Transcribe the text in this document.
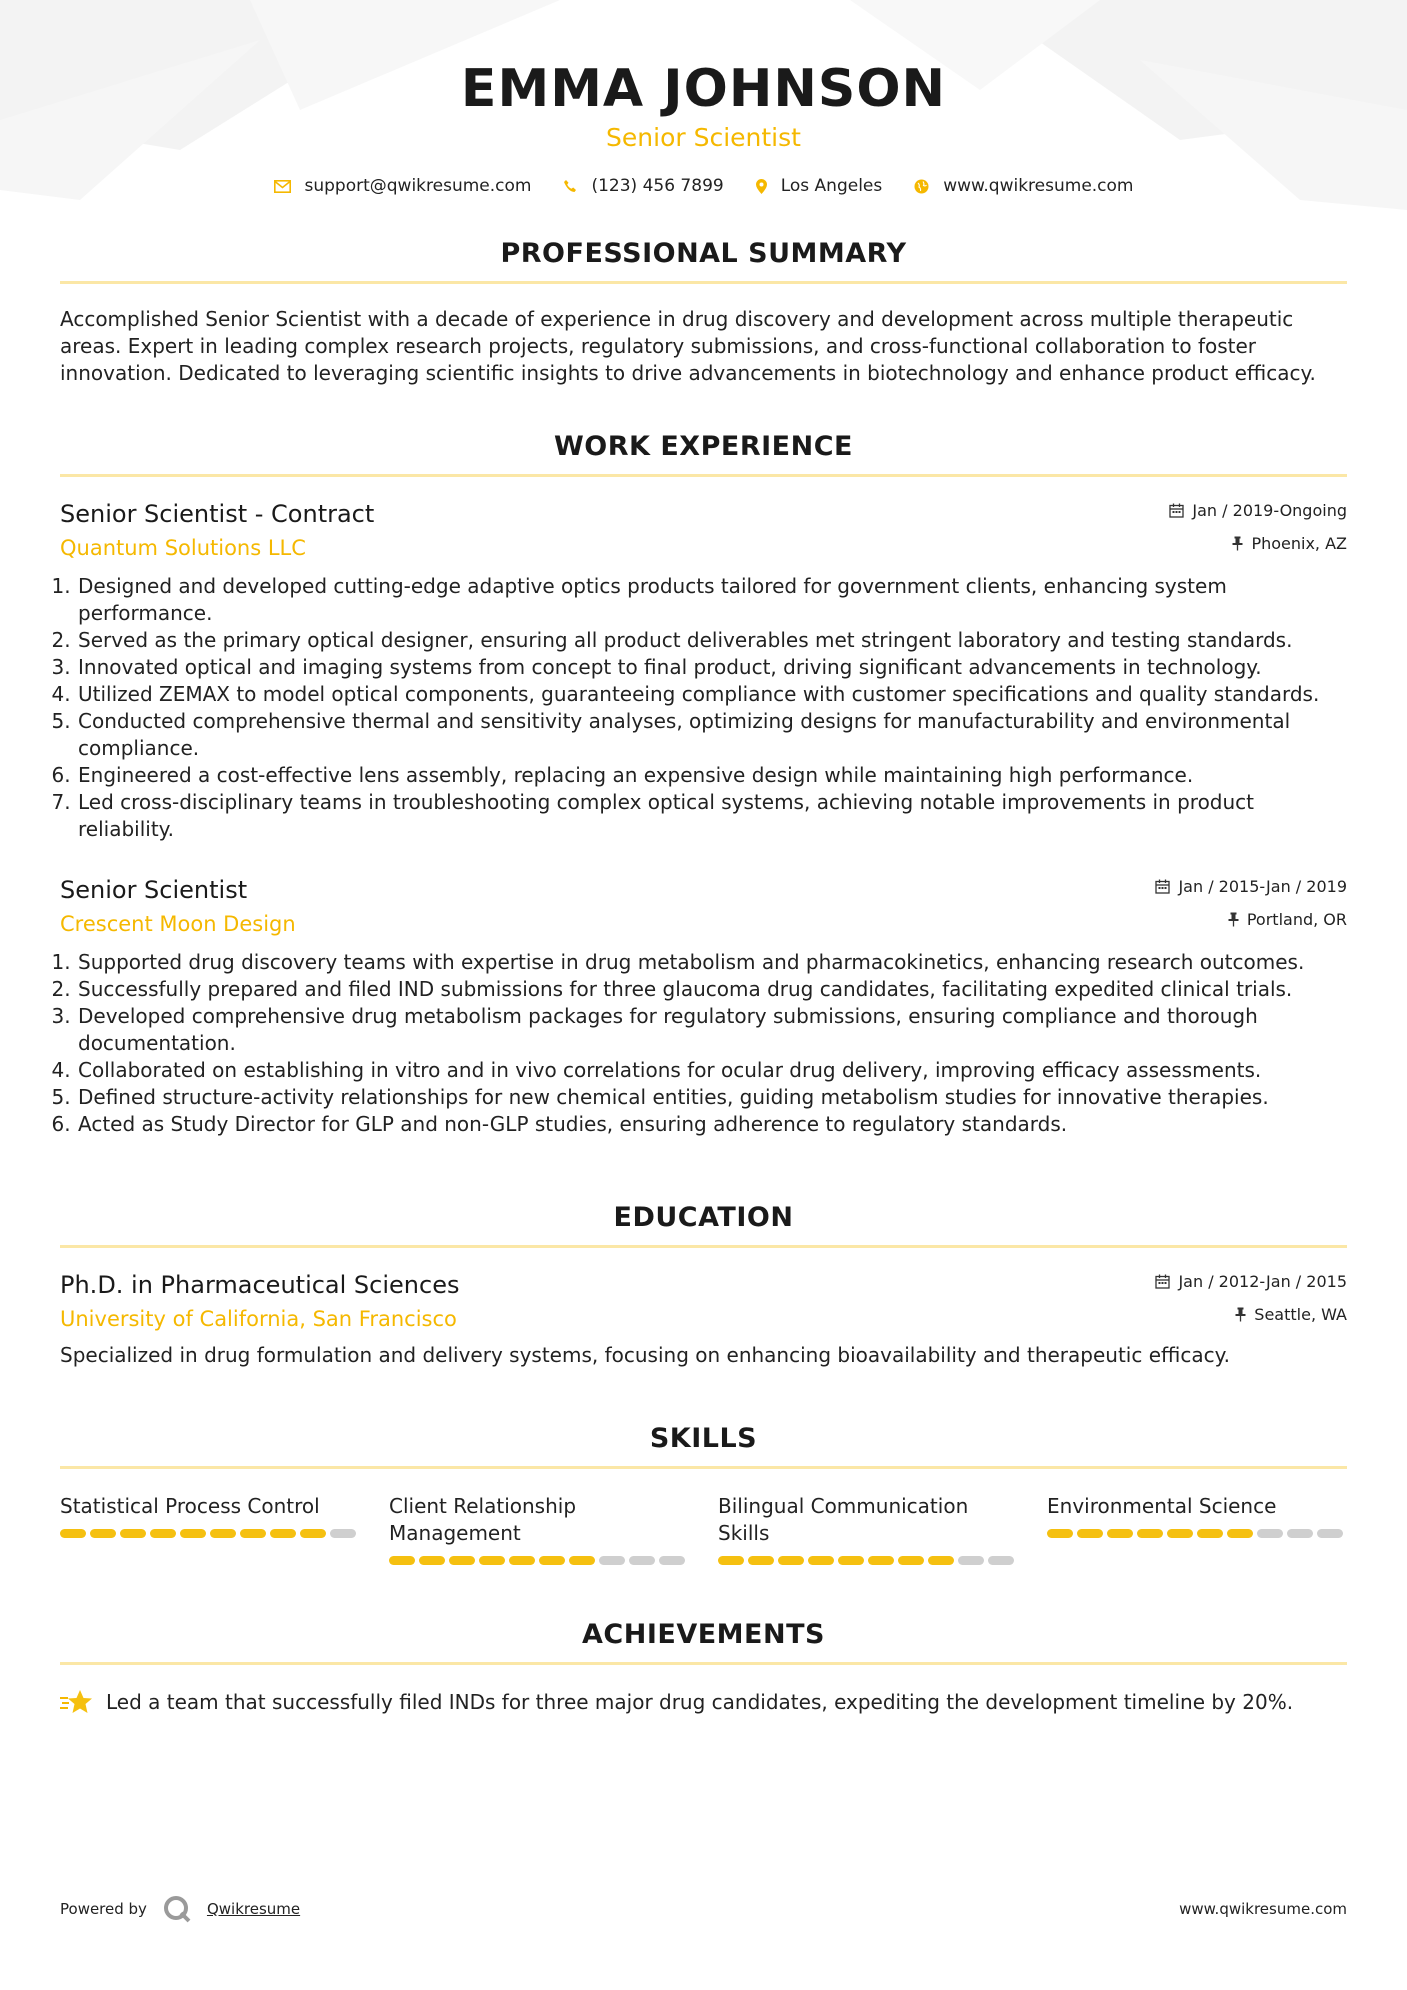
EMMA JOHNSON
Senior Scientist
support@qwikresume.com	(123) 456 7899	Los Angeles	www.qwikresume.com
PROFESSIONAL SUMMARY

Accomplished Senior Scientist with a decade of experience in drug discovery and development across multiple therapeutic areas. Expert in leading complex research projects, regulatory submissions, and cross-functional collaboration to foster innovation. Dedicated to leveraging scientific insights to drive advancements in biotechnology and enhance product efficacy.

WORK EXPERIENCE
Senior Scientist - Contract
Quantum Solutions LLC
Jan / 2019-Ongoing
Phoenix, AZ
1. Designed and developed cutting-edge adaptive optics products tailored for government clients, enhancing system performance.
2. Served as the primary optical designer, ensuring all product deliverables met stringent laboratory and testing standards.
3. Innovated optical and imaging systems from concept to final product, driving significant advancements in technology.
4. Utilized ZEMAX to model optical components, guaranteeing compliance with customer specifications and quality standards.
5. Conducted comprehensive thermal and sensitivity analyses, optimizing designs for manufacturability and environmental compliance.
6. Engineered a cost-effective lens assembly, replacing an expensive design while maintaining high performance.
7. Led cross-disciplinary teams in troubleshooting complex optical systems, achieving notable improvements in product reliability.
Senior Scientist
Crescent Moon Design
Jan / 2015-Jan / 2019
Portland, OR
1. Supported drug discovery teams with expertise in drug metabolism and pharmacokinetics, enhancing research outcomes.
2. Successfully prepared and filed IND submissions for three glaucoma drug candidates, facilitating expedited clinical trials.
3. Developed comprehensive drug metabolism packages for regulatory submissions, ensuring compliance and thorough documentation.
4. Collaborated on establishing in vitro and in vivo correlations for ocular drug delivery, improving efficacy assessments.
5. Defined structure-activity relationships for new chemical entities, guiding metabolism studies for innovative therapies.
6. Acted as Study Director for GLP and non-GLP studies, ensuring adherence to regulatory standards.
EDUCATION
Ph.D. in Pharmaceutical Sciences
University of California, San Francisco
Jan / 2012-Jan / 2015
Seattle, WA

Specialized in drug formulation and delivery systems, focusing on enhancing bioavailability and therapeutic efficacy.

SKILLS
Statistical Process Control	Client Relationship Management
Bilingual Communication Skills
Environmental Science
ACHIEVEMENTS
Led a team that successfully filed INDs for three major drug candidates, expediting the development timeline by 20%.
Powered by	Qwikresume	www.qwikresume.com
